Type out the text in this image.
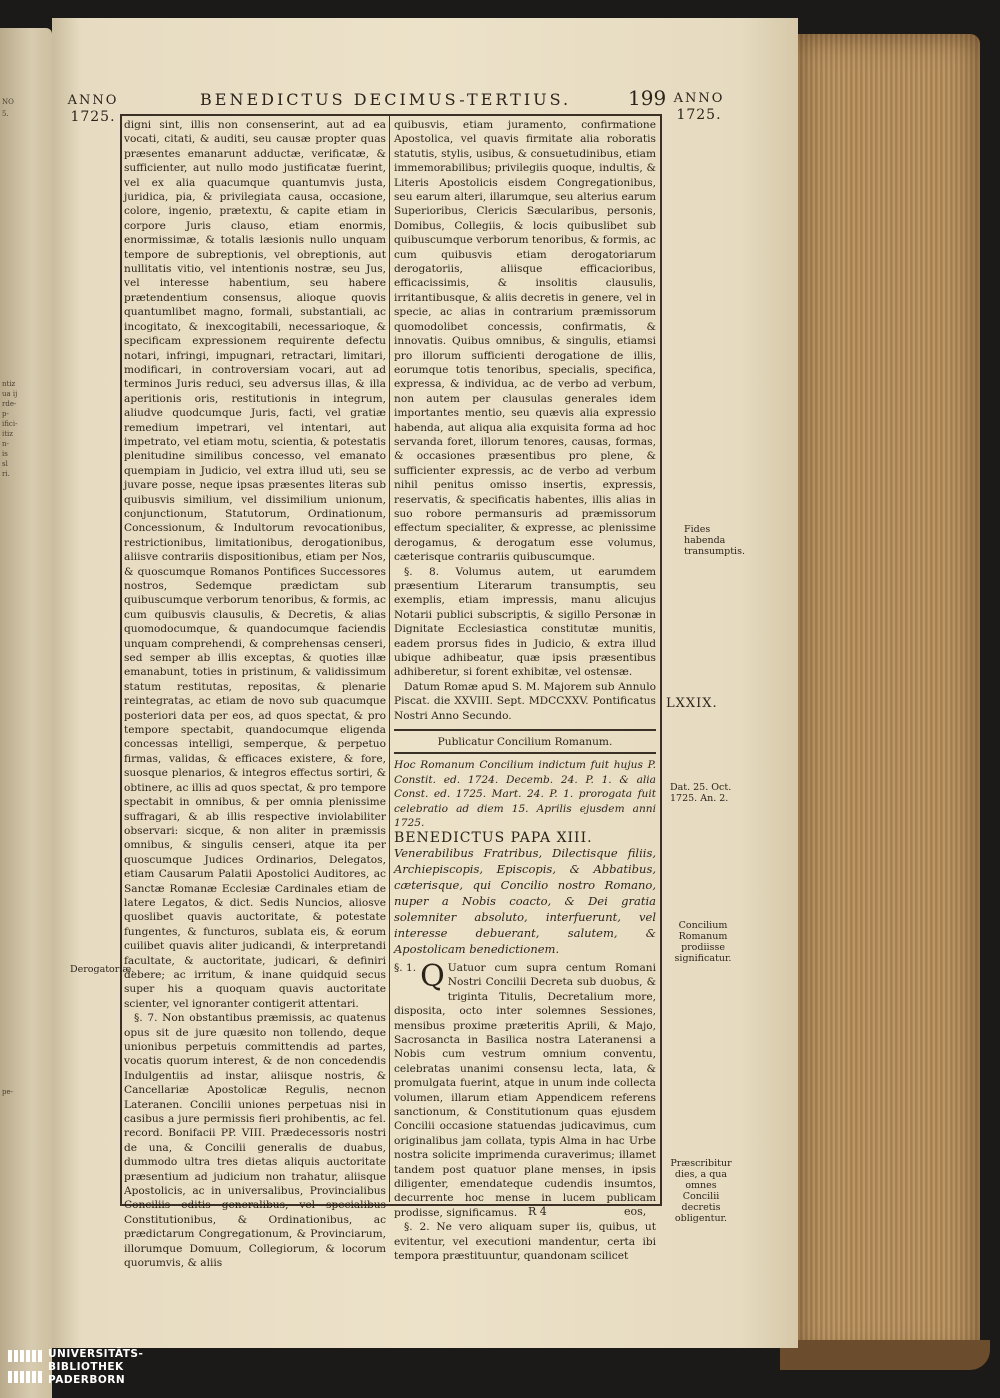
NO
5.
ntiz
ua ij
rde-
p-
ifici-
itiz
n-
is
sl
ri.
pe-
ANNO
1725.
BENEDICTUS DECIMUS-TERTIUS.	199 ANNO
1725.

digni sint, illis non consenserint, aut ad ea vocati, citati, & auditi, seu causæ propter quas præsentes emanarunt adductæ, verificatæ, & sufficienter, aut nullo modo justificatæ fuerint, vel ex alia quacumque quantumvis justa, juridica, pia, & privilegiata causa, occasione, colore, ingenio, prætextu, & capite etiam in corpore Juris clauso, etiam enormis, enormissimæ, & totalis læsionis nullo unquam tempore de subreptionis, vel obreptionis, aut nullitatis vitio, vel intentionis nostræ, seu Jus, vel interesse habentium, seu habere prætendentium consensus, alioque quovis quantumlibet magno, formali, substantiali, ac incogitato, & inexcogitabili, necessarioque, & specificam expressionem requirente defectu notari, infringi, impugnari, retractari, limitari, modificari, in controversiam vocari, aut ad terminos Juris reduci, seu adversus illas, & illa aperitionis oris, restitutionis in integrum, aliudve quodcumque Juris, facti, vel gratiæ remedium impetrari, vel intentari, aut impetrato, vel etiam motu, scientia, & potestatis plenitudine similibus concesso, vel emanato quempiam in Judicio, vel extra illud uti, seu se juvare posse, neque ipsas præsentes literas sub quibusvis similium, vel dissimilium unionum, conjunctionum, Statutorum, Ordinationum, Concessionum, & Indultorum revocationibus, restrictionibus, limitationibus, derogationibus, aliisve contrariis dispositionibus, etiam per Nos, & quoscumque Romanos Pontifices Successores nostros, Sedemque prædictam sub quibuscumque verborum tenoribus, & formis, ac cum quibusvis clausulis, & Decretis, & alias quomodocumque, & quandocumque faciendis unquam comprehendi, & comprehensas censeri, sed semper ab illis exceptas, & quoties illæ emanabunt, toties in pristinum, & validissimum statum restitutas, repositas, & plenarie reintegratas, ac etiam de novo sub quacumque posteriori data per eos, ad quos spectat, & pro tempore spectabit, quandocumque eligenda concessas intelligi, semperque, & perpetuo firmas, validas, & efficaces existere, & fore, suosque plenarios, & integros effectus sortiri, & obtinere, ac illis ad quos spectat, & pro tempore spectabit in omnibus, & per omnia plenissime suffragari, & ab illis respective inviolabiliter observari: sicque, & non aliter in præmissis omnibus, & singulis censeri, atque ita per quoscumque Judices Ordinarios, Delegatos, etiam Causarum Palatii Apostolici Auditores, ac Sanctæ Romanæ Ecclesiæ Cardinales etiam de latere Legatos, & dict. Sedis Nuncios, aliosve quoslibet quavis auctoritate, & potestate fungentes, & functuros, sublata eis, & eorum cuilibet quavis aliter judicandi, & interpretandi facultate, & auctoritate, judicari, & definiri debere; ac irritum, & inane quidquid secus super his a quoquam quavis auctoritate scienter, vel ignoranter contigerit attentari.

§. 7. Non obstantibus præmissis, ac quatenus opus sit de jure quæsito non tollendo, deque unionibus perpetuis committendis ad partes, vocatis quorum interest, & de non concedendis Indulgentiis ad instar, aliisque nostris, & Cancellariæ Apostolicæ Regulis, necnon Lateranen. Concilii uniones perpetuas nisi in casibus a jure permissis fieri prohibentis, ac fel. record. Bonifacii PP. VIII. Prædecessoris nostri de una, & Concilii generalis de duabus, dummodo ultra tres dietas aliquis auctoritate præsentium ad judicium non trahatur, aliisque Apostolicis, ac in universalibus, Provincialibus Conciliis editis generalibus, vel specialibus Constitutionibus, & Ordinationibus, ac prædictarum Congregationum, & Provinciarum, illorumque Domuum, Collegiorum, & locorum quorumvis, & aliis

quibusvis, etiam juramento, confirmatione Apostolica, vel quavis firmitate alia roboratis statutis, stylis, usibus, & consuetudinibus, etiam immemorabilibus; privilegiis quoque, indultis, & Literis Apostolicis eisdem Congregationibus, seu earum alteri, illarumque, seu alterius earum Superioribus, Clericis Sæcularibus, personis, Domibus, Collegiis, & locis quibuslibet sub quibuscumque verborum tenoribus, & formis, ac cum quibusvis etiam derogatoriarum derogatoriis, aliisque efficacioribus, efficacissimis, & insolitis clausulis, irritantibusque, & aliis decretis in genere, vel in specie, ac alias in contrarium præmissorum quomodolibet concessis, confirmatis, & innovatis. Quibus omnibus, & singulis, etiamsi pro illorum sufficienti derogatione de illis, eorumque totis tenoribus, specialis, specifica, expressa, & individua, ac de verbo ad verbum, non autem per clausulas generales idem importantes mentio, seu quævis alia expressio habenda, aut aliqua alia exquisita forma ad hoc servanda foret, illorum tenores, causas, formas, & occasiones præsentibus pro plene, & sufficienter expressis, ac de verbo ad verbum nihil penitus omisso insertis, expressis, reservatis, & specificatis habentes, illis alias in suo robore permansuris ad præmissorum effectum specialiter, & expresse, ac plenissime derogamus, & derogatum esse volumus, cæterisque contrariis quibuscumque.

§. 8. Volumus autem, ut earumdem præsentium Literarum transumptis, seu exemplis, etiam impressis, manu alicujus Notarii publici subscriptis, & sigillo Personæ in Dignitate Ecclesiastica constitutæ munitis, eadem prorsus fides in Judicio, & extra illud ubique adhibeatur, quæ ipsis præsentibus adhiberetur, si forent exhibitæ, vel ostensæ.

Datum Romæ apud S. M. Majorem sub Annulo Piscat. die XXVIII. Sept. MDCCXXV. Pontificatus Nostri Anno Secundo.

Publicatur Concilium Romanum.

Hoc Romanum Concilium indictum fuit hujus P. Constit. ed. 1724. Decemb. 24. P. 1. & alia Const. ed. 1725. Mart. 24. P. 1. prorogata fuit celebratio ad diem 15. Aprilis ejusdem anni 1725.

BENEDICTUS PAPA XIII.

Venerabilibus Fratribus, Dilectisque filiis, Archiepiscopis, Episcopis, & Abbatibus, cæterisque, qui Concilio nostro Romano, nuper a Nobis coacto, & Dei gratia solemniter absoluto, interfuerunt, vel interesse debuerant, salutem, & Apostolicam benedictionem.

§. 1. Q Uatuor cum supra centum Romani Nostri Concilii Decreta sub duobus, & triginta Titulis, Decretalium more, disposita, octo inter solemnes Sessiones, mensibus proxime præteritis Aprili, & Majo, Sacrosancta in Basilica nostra Lateranensi a Nobis cum vestrum omnium conventu, celebratas unanimi consensu lecta, lata, & promulgata fuerint, atque in unum inde collecta volumen, illarum etiam Appendicem referens sanctionum, & Constitutionum quas ejusdem Concilii occasione statuendas judicavimus, cum originalibus jam collata, typis Alma in hac Urbe nostra solicite imprimenda curaverimus; illamet tandem post quatuor plane menses, in ipsis diligenter, emendateque cudendis insumtos, decurrente hoc mense in lucem publicam prodisse, significamus.

§. 2. Ne vero aliquam super iis, quibus, ut evitentur, vel executioni mandentur, certa ibi tempora præstituuntur, quandonam scilicet

Fides habenda transumptis.
LXXIX.
Dat. 25. Oct. 1725. An. 2.
Concilium Romanum prodiisse significatur.
Præscribitur dies, a qua omnes Concilii decretis obligentur.
Derogatoriæ.
R 4	eos,
UNIVERSITÄTS-
BIBLIOTHEK
PADERBORN
